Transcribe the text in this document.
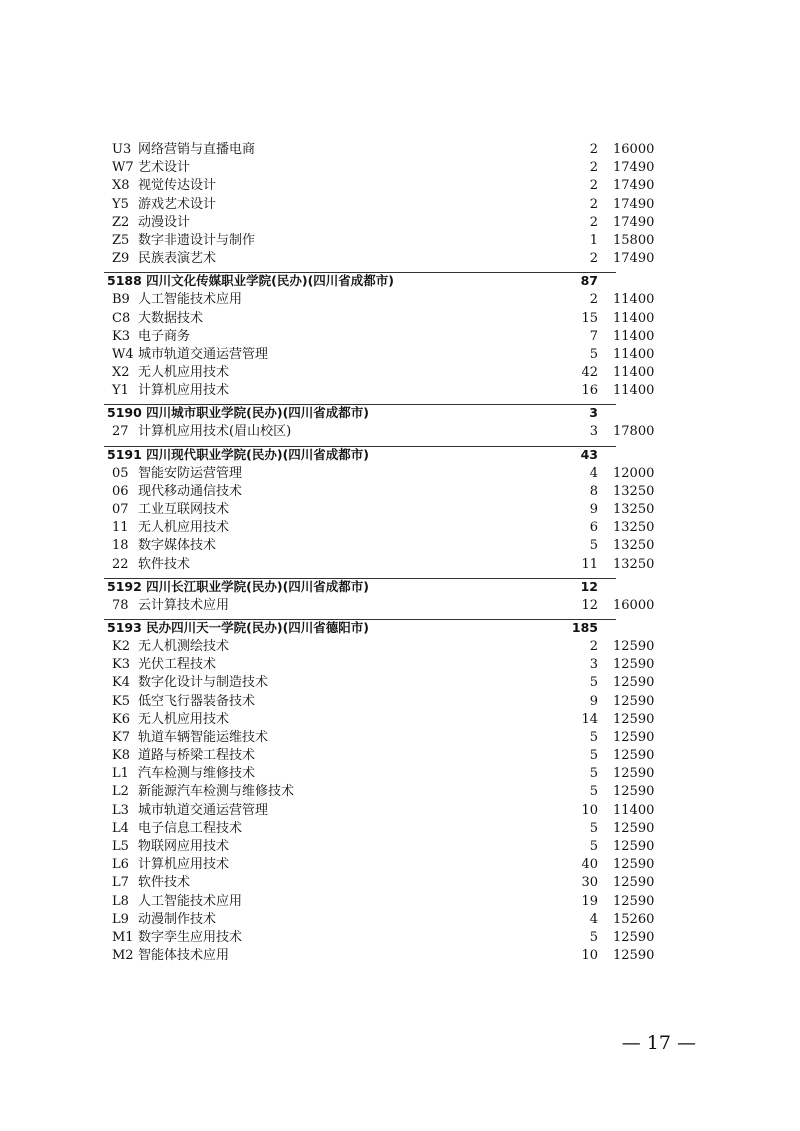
U3 网络营销与直播电商	2 16000
W7 艺术设计	2 17490
X8 视觉传达设计	2 17490
Y5 游戏艺术设计	2 17490
Z2 动漫设计	2 17490
Z5 数字非遗设计与制作	1 15800
Z9 民族表演艺术	2 17490
5188 四川文化传媒职业学院(民办)(四川省成都市)	87
B9 人工智能技术应用	2 11400
C8 大数据技术	15 11400
K3 电子商务	7 11400
W4 城市轨道交通运营管理	5 11400
X2 无人机应用技术	42 11400
Y1 计算机应用技术	16 11400
5190 四川城市职业学院(民办)(四川省成都市)	3
27 计算机应用技术(眉山校区)	3 17800
5191 四川现代职业学院(民办)(四川省成都市)	43
05 智能安防运营管理	4 12000
06 现代移动通信技术	8 13250
07 工业互联网技术	9 13250
11 无人机应用技术	6 13250
18 数字媒体技术	5 13250
22 软件技术	11 13250
5192 四川长江职业学院(民办)(四川省成都市)	12
78 云计算技术应用	12 16000
5193 民办四川天一学院(民办)(四川省德阳市)	185
K2 无人机测绘技术	2 12590
K3 光伏工程技术	3 12590
K4 数字化设计与制造技术	5 12590
K5 低空飞行器装备技术	9 12590
K6 无人机应用技术	14 12590
K7 轨道车辆智能运维技术	5 12590
K8 道路与桥梁工程技术	5 12590
L1 汽车检测与维修技术	5 12590
L2 新能源汽车检测与维修技术	5 12590
L3 城市轨道交通运营管理	10 11400
L4 电子信息工程技术	5 12590
L5 物联网应用技术	5 12590
L6 计算机应用技术	40 12590
L7 软件技术	30 12590
L8 人工智能技术应用	19 12590
L9 动漫制作技术	4 15260
M1 数字孪生应用技术	5 12590
M2 智能体技术应用	10 12590
— 17 —
